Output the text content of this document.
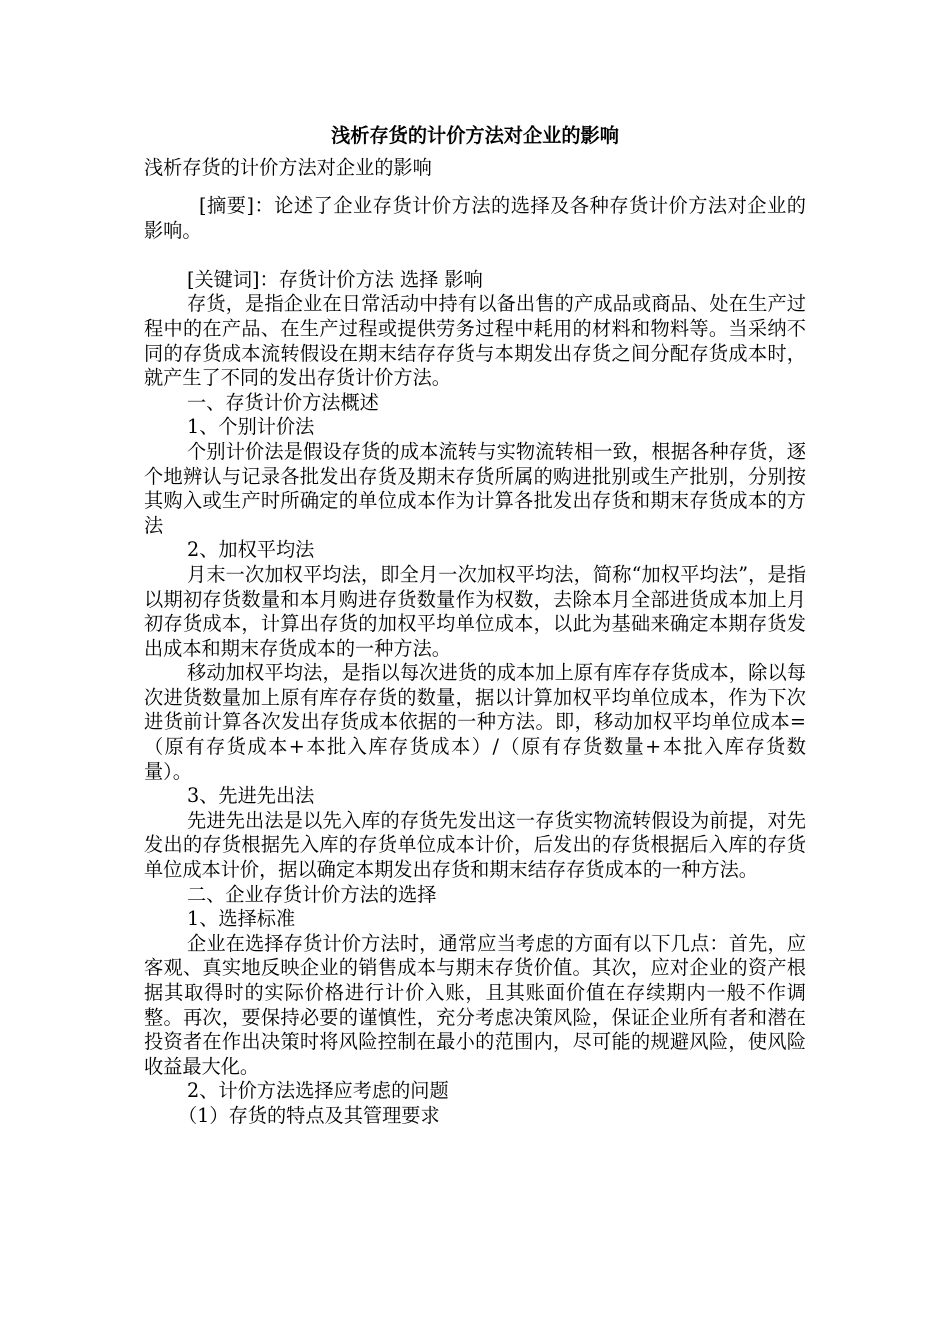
浅析存货的计价方法对企业的影响

浅析存货的计价方法对企业的影响

[摘要]：论述了企业存货计价方法的选择及各种存货计价方法对企业的影响。

[关键词]：存货计价方法 选择 影响

存货，是指企业在日常活动中持有以备出售的产成品或商品、处在生产过程中的在产品、在生产过程或提供劳务过程中耗用的材料和物料等。当采纳不同的存货成本流转假设在期末结存存货与本期发出存货之间分配存货成本时，就产生了不同的发出存货计价方法。

一、存货计价方法概述

1、个别计价法

个别计价法是假设存货的成本流转与实物流转相一致，根据各种存货，逐个地辨认与记录各批发出存货及期末存货所属的购进批别或生产批别，分别按其购入或生产时所确定的单位成本作为计算各批发出存货和期末存货成本的方法

2、加权平均法

月末一次加权平均法，即全月一次加权平均法，简称“加权平均法”，是指以期初存货数量和本月购进存货数量作为权数，去除本月全部进货成本加上月初存货成本，计算出存货的加权平均单位成本，以此为基础来确定本期存货发出成本和期末存货成本的一种方法。

移动加权平均法，是指以每次进货的成本加上原有库存存货成本，除以每次进货数量加上原有库存存货的数量，据以计算加权平均单位成本，作为下次进货前计算各次发出存货成本依据的一种方法。即，移动加权平均单位成本=（原有存货成本+本批入库存货成本）/（原有存货数量+本批入库存货数量）。

3、先进先出法

先进先出法是以先入库的存货先发出这一存货实物流转假设为前提，对先发出的存货根据先入库的存货单位成本计价，后发出的存货根据后入库的存货单位成本计价，据以确定本期发出存货和期末结存存货成本的一种方法。

二、企业存货计价方法的选择

1、选择标准

企业在选择存货计价方法时，通常应当考虑的方面有以下几点：首先，应客观、真实地反映企业的销售成本与期末存货价值。其次，应对企业的资产根据其取得时的实际价格进行计价入账，且其账面价值在存续期内一般不作调整。再次，要保持必要的谨慎性，充分考虑决策风险，保证企业所有者和潜在投资者在作出决策时将风险控制在最小的范围内，尽可能的规避风险，使风险收益最大化。

2、计价方法选择应考虑的问题

（1）存货的特点及其管理要求
